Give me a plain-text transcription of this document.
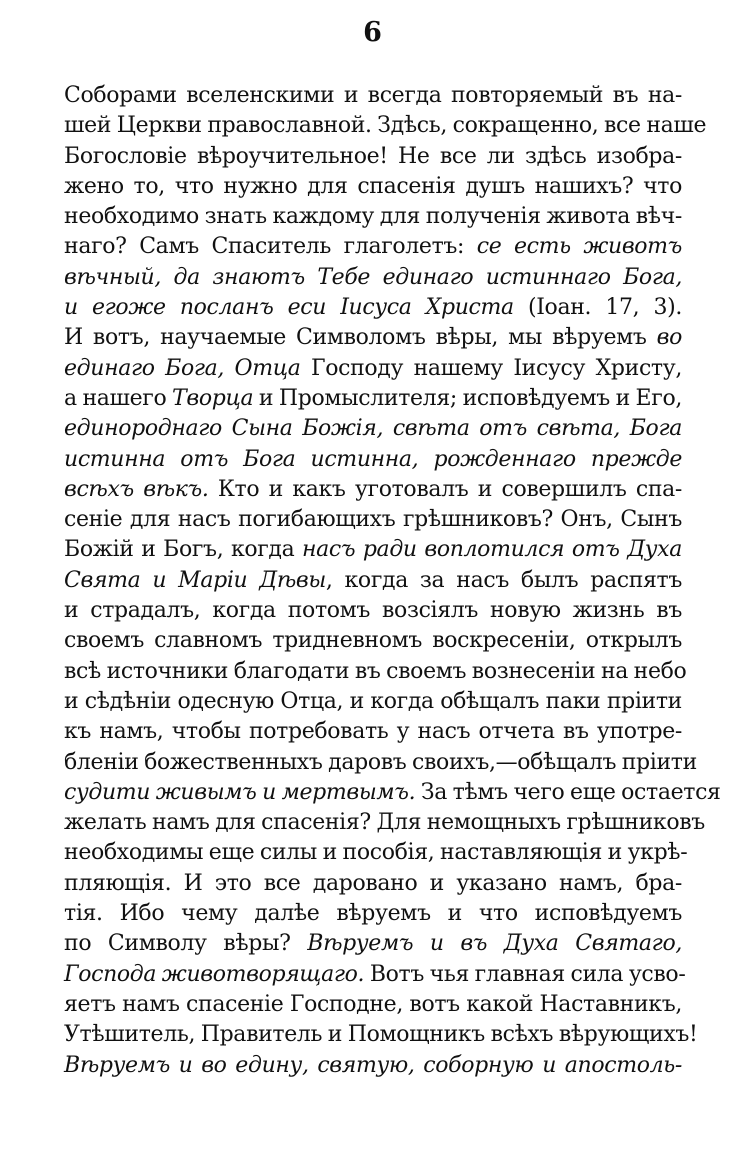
6
Соборами вселенскими и всегда повторяемый въ на-
шей Церкви православной. Здѣсь, сокращенно, все наше
Богословіе вѣроучительное! Не все ли здѣсь изобра-
жено то, что нужно для спасенія душъ нашихъ? что
необходимо знать каждому для полученія живота вѣч-
наго? Самъ Спаситель глаголетъ: се есть животъ
вѣчный, да знаютъ Тебе единаго истиннаго Бога,
и егоже посланъ еси Іисуса Христа (Іоан. 17, 3).
И вотъ, научаемые Символомъ вѣры, мы вѣруемъ во
единаго Бога, Отца Господу нашему Іисусу Христу,
а нашего Творца и Промыслителя; исповѣдуемъ и Его,
единороднаго Сына Божія, свѣта отъ свѣта, Бога
истинна отъ Бога истинна, рожденнаго прежде
всѣхъ вѣкъ. Кто и какъ уготовалъ и совершилъ спа-
сеніе для насъ погибающихъ грѣшниковъ? Онъ, Сынъ
Божій и Богъ, когда насъ ради воплотился отъ Духа
Свята и Маріи Дѣвы, когда за насъ былъ распятъ
и страдалъ, когда потомъ возсіялъ новую жизнь въ
своемъ славномъ тридневномъ воскресеніи, открылъ
всѣ источники благодати въ своемъ вознесеніи на небо
и сѣдѣніи одесную Отца, и когда обѣщалъ паки пріити
къ намъ, чтобы потребовать у насъ отчета въ употре-
бленіи божественныхъ даровъ своихъ,—обѣщалъ пріити
судити живымъ и мертвымъ. За тѣмъ чего еще остается
желать намъ для спасенія? Для немощныхъ грѣшниковъ
необходимы еще силы и пособія, наставляющія и укрѣ-
пляющія. И это все даровано и указано намъ, бра-
тія. Ибо чему далѣе вѣруемъ и что исповѣдуемъ
по Символу вѣры? Вѣруемъ и въ Духа Святаго,
Господа животворящаго. Вотъ чья главная сила усво-
яетъ намъ спасеніе Господне, вотъ какой Наставникъ,
Утѣшитель, Правитель и Помощникъ всѣхъ вѣрующихъ!
Вѣруемъ и во едину, святую, соборную и апостоль-
